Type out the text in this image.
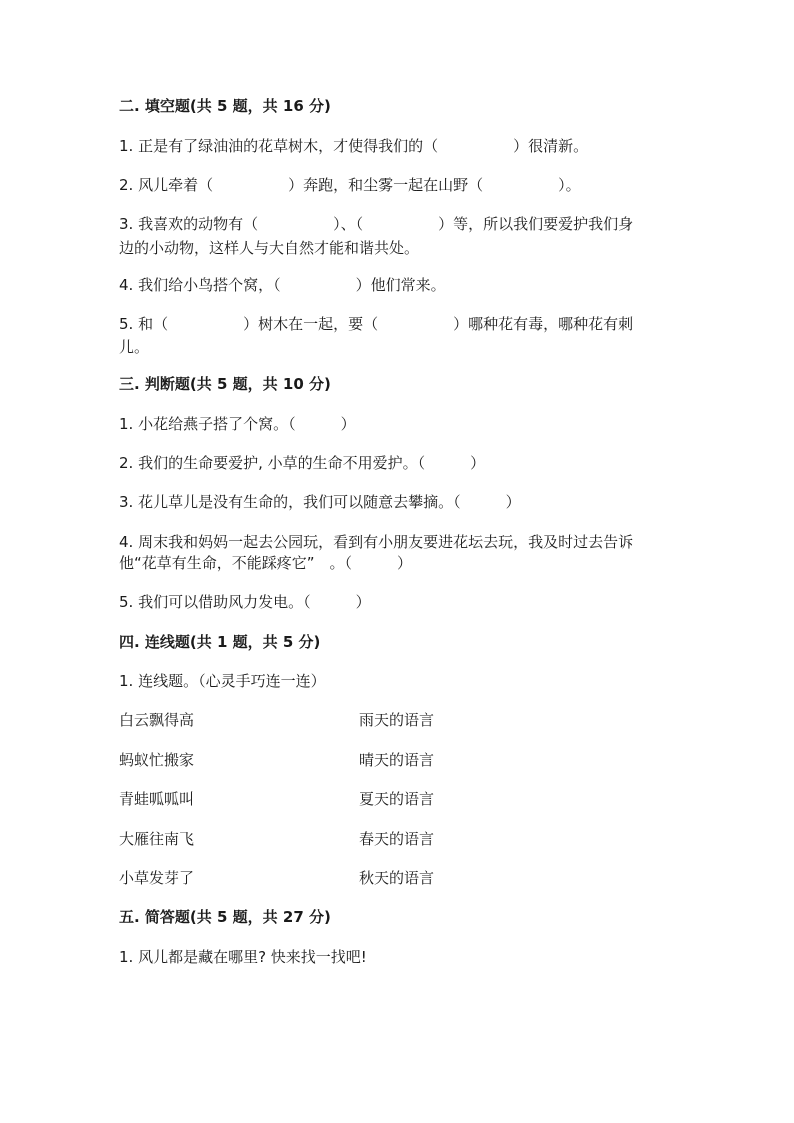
二. 填空题(共 5 题，共 16 分)
1. 正是有了绿油油的花草树木，才使得我们的（　　　　　）很清新。
2. 风儿牵着（　　　　　）奔跑，和尘雾一起在山野（　　　　　）。
3. 我喜欢的动物有（　　　　　）、（　　　　　）等，所以我们要爱护我们身
边的小动物，这样人与大自然才能和谐共处。
4. 我们给小鸟搭个窝，（　　　　　）他们常来。
5. 和（　　　　　）树木在一起，要（　　　　　）哪种花有毒，哪种花有刺
儿。
三. 判断题(共 5 题，共 10 分)
1. 小花给燕子搭了个窝。（　　　）
2. 我们的生命要爱护, 小草的生命不用爱护。（　　　）
3. 花儿草儿是没有生命的，我们可以随意去攀摘。（　　　）
4. 周末我和妈妈一起去公园玩，看到有小朋友要进花坛去玩，我及时过去告诉
他“花草有生命，不能踩疼它”　。（　　　）
5. 我们可以借助风力发电。（　　　）
四. 连线题(共 1 题，共 5 分)
1. 连线题。（心灵手巧连一连）
白云飘得高	雨天的语言
蚂蚁忙搬家	晴天的语言
青蛙呱呱叫	夏天的语言
大雁往南飞	春天的语言
小草发芽了	秋天的语言
五. 简答题(共 5 题，共 27 分)
1. 风儿都是藏在哪里? 快来找一找吧!
